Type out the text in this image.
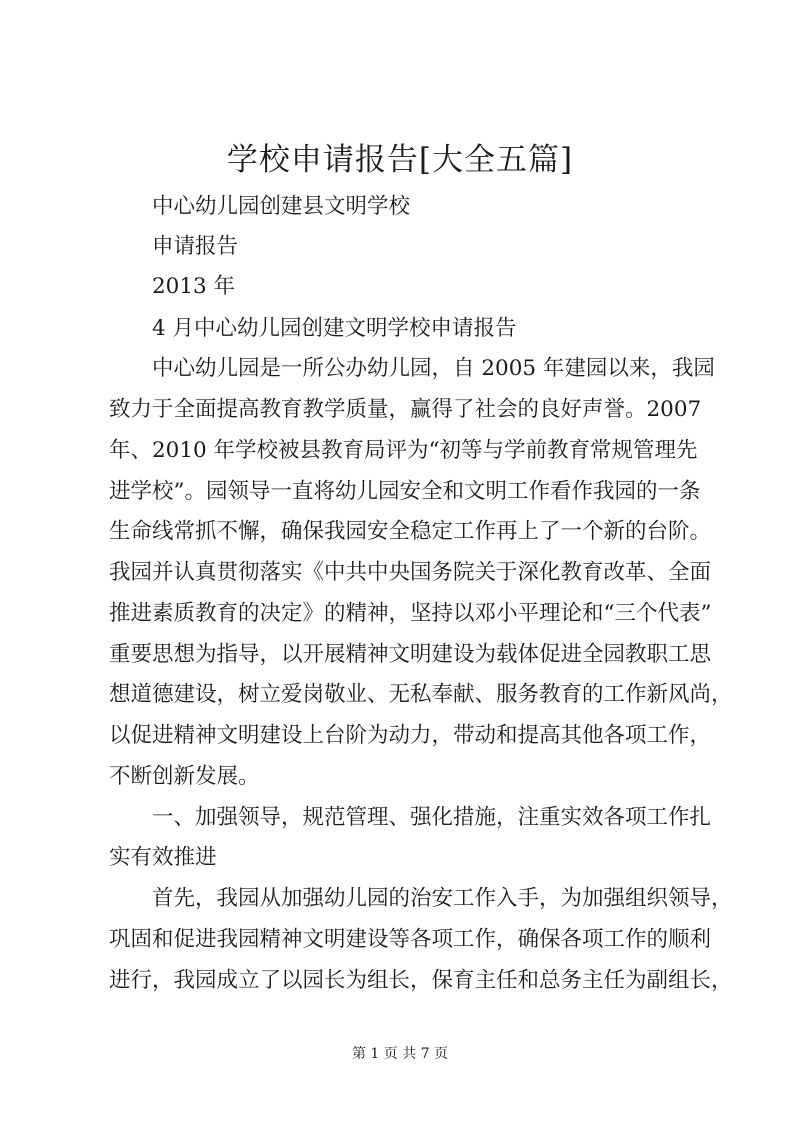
学校申请报告[大全五篇]
中心幼儿园创建县文明学校
申请报告
2013 年
4 月中心幼儿园创建文明学校申请报告
中心幼儿园是一所公办幼儿园，自 2005 年建园以来，我园
致力于全面提高教育教学质量，赢得了社会的良好声誉。2007
年、2010 年学校被县教育局评为“初等与学前教育常规管理先
进学校”。园领导一直将幼儿园安全和文明工作看作我园的一条
生命线常抓不懈，确保我园安全稳定工作再上了一个新的台阶。
我园并认真贯彻落实《中共中央国务院关于深化教育改革、全面
推进素质教育的决定》的精神，坚持以邓小平理论和“三个代表”
重要思想为指导，以开展精神文明建设为载体促进全园教职工思
想道德建设，树立爱岗敬业、无私奉献、服务教育的工作新风尚，
以促进精神文明建设上台阶为动力，带动和提高其他各项工作，
不断创新发展。
一、加强领导，规范管理、强化措施，注重实效各项工作扎
实有效推进
首先，我园从加强幼儿园的治安工作入手，为加强组织领导，
巩固和促进我园精神文明建设等各项工作，确保各项工作的顺利
进行，我园成立了以园长为组长，保育主任和总务主任为副组长，
第 1 页 共 7 页
